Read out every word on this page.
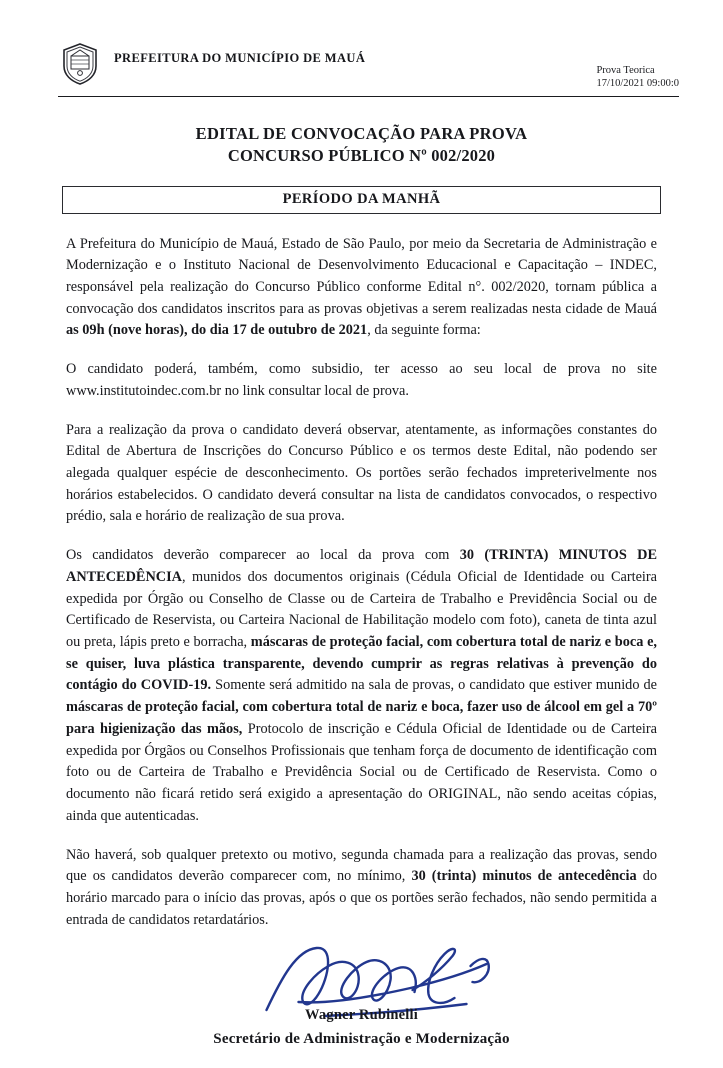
PREFEITURA DO MUNICÍPIO DE MAUÁ
Prova Teorica
17/10/2021 09:00:0
EDITAL DE CONVOCAÇÃO PARA PROVA
CONCURSO PÚBLICO Nº 002/2020
PERÍODO DA MANHÃ

A Prefeitura do Município de Mauá, Estado de São Paulo, por meio da Secretaria de Administração e Modernização e o Instituto Nacional de Desenvolvimento Educacional e Capacitação – INDEC, responsável pela realização do Concurso Público conforme Edital n°. 002/2020, tornam pública a convocação dos candidatos inscritos para as provas objetivas a serem realizadas nesta cidade de Mauá as 09h (nove horas), do dia 17 de outubro de 2021, da seguinte forma:

O candidato poderá, também, como subsidio, ter acesso ao seu local de prova no site www.institutoindec.com.br no link consultar local de prova.

Para a realização da prova o candidato deverá observar, atentamente, as informações constantes do Edital de Abertura de Inscrições do Concurso Público e os termos deste Edital, não podendo ser alegada qualquer espécie de desconhecimento. Os portões serão fechados impreterivelmente nos horários estabelecidos. O candidato deverá consultar na lista de candidatos convocados, o respectivo prédio, sala e horário de realização de sua prova.

Os candidatos deverão comparecer ao local da prova com 30 (TRINTA) MINUTOS DE ANTECEDÊNCIA, munidos dos documentos originais (Cédula Oficial de Identidade ou Carteira expedida por Órgão ou Conselho de Classe ou de Carteira de Trabalho e Previdência Social ou de Certificado de Reservista, ou Carteira Nacional de Habilitação modelo com foto), caneta de tinta azul ou preta, lápis preto e borracha, máscaras de proteção facial, com cobertura total de nariz e boca e, se quiser, luva plástica transparente, devendo cumprir as regras relativas à prevenção do contágio do COVID-19. Somente será admitido na sala de provas, o candidato que estiver munido de máscaras de proteção facial, com cobertura total de nariz e boca, fazer uso de álcool em gel a 70º para higienização das mãos, Protocolo de inscrição e Cédula Oficial de Identidade ou de Carteira expedida por Órgãos ou Conselhos Profissionais que tenham força de documento de identificação com foto ou de Carteira de Trabalho e Previdência Social ou de Certificado de Reservista. Como o documento não ficará retido será exigido a apresentação do ORIGINAL, não sendo aceitas cópias, ainda que autenticadas.

Não haverá, sob qualquer pretexto ou motivo, segunda chamada para a realização das provas, sendo que os candidatos deverão comparecer com, no mínimo, 30 (trinta) minutos de antecedência do horário marcado para o início das provas, após o que os portões serão fechados, não sendo permitida a entrada de candidatos retardatários.

Wagner Rubinelli
Secretário de Administração e Modernização
